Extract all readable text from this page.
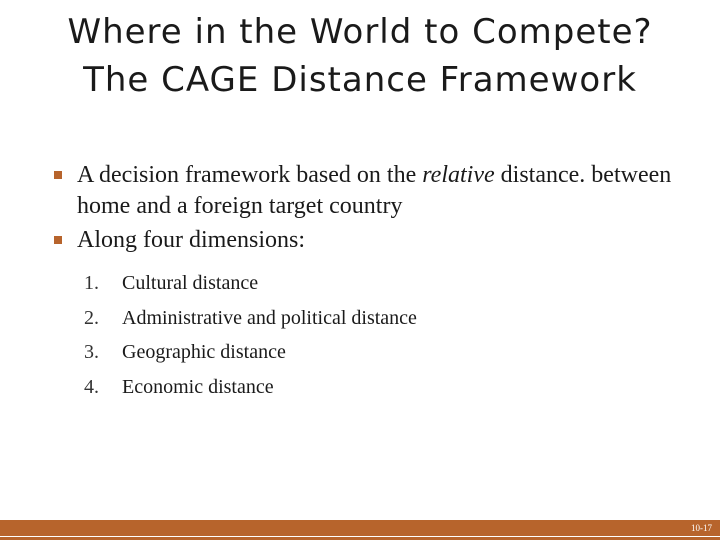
Where in the World to Compete?
The CAGE Distance Framework
A decision framework based on the relative distance. between home and a foreign target country
Along four dimensions:
1.	Cultural distance
2.	Administrative and political distance
3.	Geographic distance
4.	Economic distance
10-17
